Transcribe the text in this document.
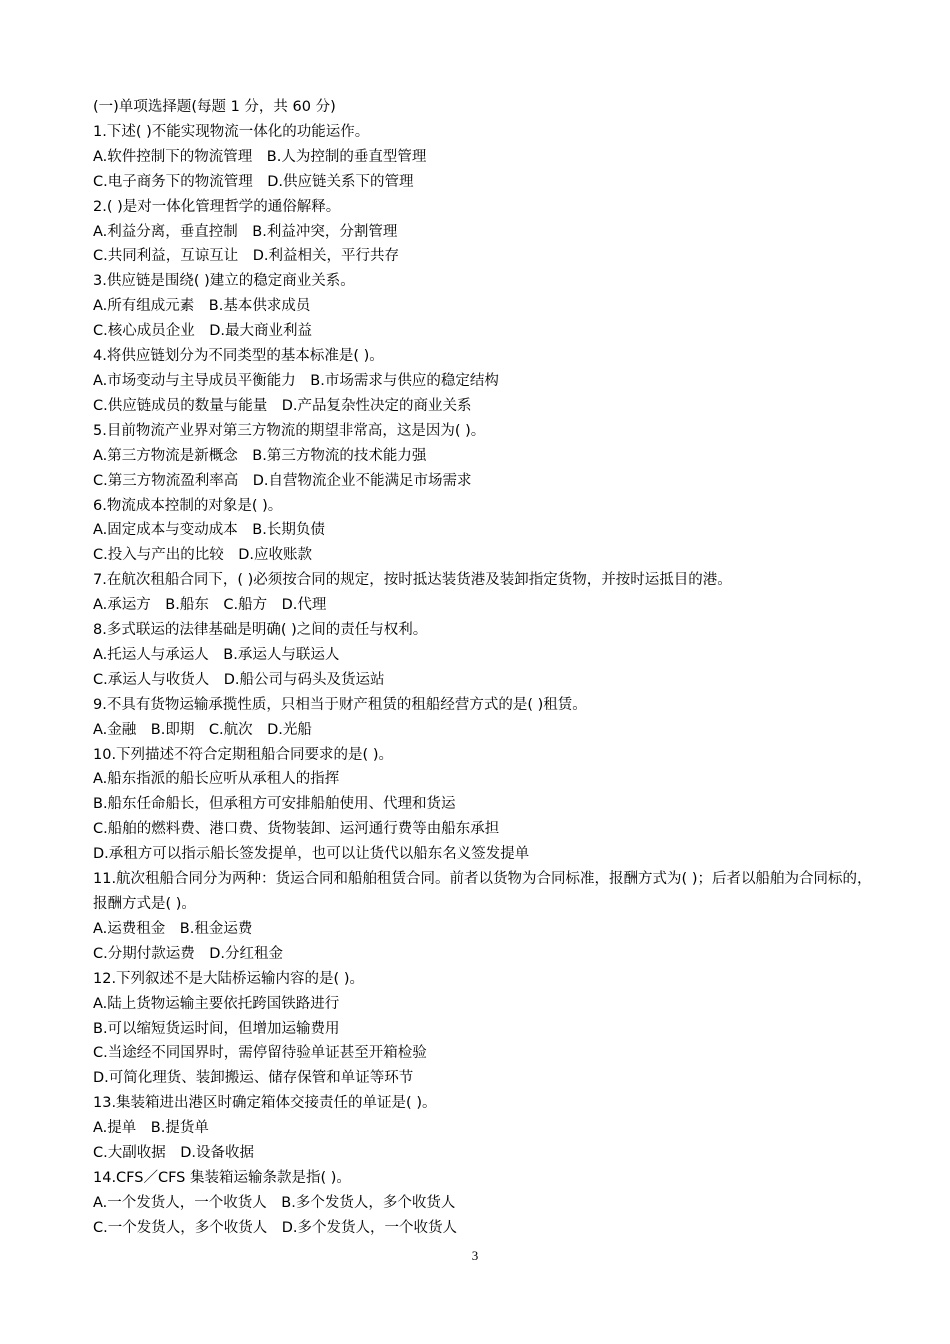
(一)单项选择题(每题 1 分，共 60 分)
1.下述( )不能实现物流一体化的功能运作。
A.软件控制下的物流管理　B.人为控制的垂直型管理
C.电子商务下的物流管理　D.供应链关系下的管理
2.( )是对一体化管理哲学的通俗解释。
A.利益分离，垂直控制　B.利益冲突，分割管理
C.共同利益，互谅互让　D.利益相关，平行共存
3.供应链是围绕( )建立的稳定商业关系。
A.所有组成元素　B.基本供求成员
C.核心成员企业　D.最大商业利益
4.将供应链划分为不同类型的基本标准是( )。
A.市场变动与主导成员平衡能力　B.市场需求与供应的稳定结构
C.供应链成员的数量与能量　D.产品复杂性决定的商业关系
5.目前物流产业界对第三方物流的期望非常高，这是因为( )。
A.第三方物流是新概念　B.第三方物流的技术能力强
C.第三方物流盈利率高　D.自营物流企业不能满足市场需求
6.物流成本控制的对象是( )。
A.固定成本与变动成本　B.长期负债
C.投入与产出的比较　D.应收账款
7.在航次租船合同下，( )必须按合同的规定，按时抵达装货港及装卸指定货物，并按时运抵目的港。
A.承运方　B.船东　C.船方　D.代理
8.多式联运的法律基础是明确( )之间的责任与权利。
A.托运人与承运人　B.承运人与联运人
C.承运人与收货人　D.船公司与码头及货运站
9.不具有货物运输承揽性质，只相当于财产租赁的租船经营方式的是( )租赁。
A.金融　B.即期　C.航次　D.光船
10.下列描述不符合定期租船合同要求的是( )。
A.船东指派的船长应听从承租人的指挥
B.船东任命船长，但承租方可安排船舶使用、代理和货运
C.船舶的燃料费、港口费、货物装卸、运河通行费等由船东承担
D.承租方可以指示船长签发提单，也可以让货代以船东名义签发提单
11.航次租船合同分为两种：货运合同和船舶租赁合同。前者以货物为合同标准，报酬方式为( )；后者以船舶为合同标的，报酬方式是( )。
A.运费租金　B.租金运费
C.分期付款运费　D.分红租金
12.下列叙述不是大陆桥运输内容的是( )。
A.陆上货物运输主要依托跨国铁路进行
B.可以缩短货运时间，但增加运输费用
C.当途经不同国界时，需停留待验单证甚至开箱检验
D.可简化理货、装卸搬运、储存保管和单证等环节
13.集装箱进出港区时确定箱体交接责任的单证是( )。
A.提单　B.提货单
C.大副收据　D.设备收据
14.CFS／CFS 集装箱运输条款是指( )。
A.一个发货人，一个收货人　B.多个发货人，多个收货人
C.一个发货人，多个收货人　D.多个发货人，一个收货人
3
